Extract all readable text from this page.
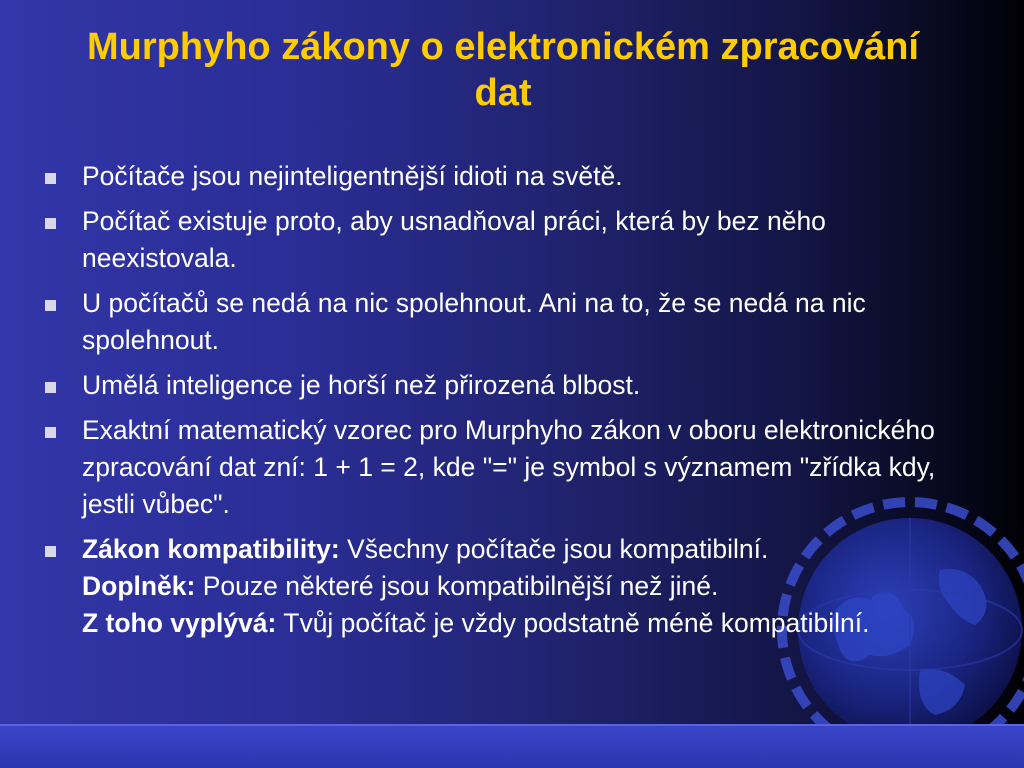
Murphyho zákony o elektronickém zpracování dat
Počítače jsou nejinteligentnější idioti na světě.
Počítač existuje proto, aby usnadňoval práci, která by bez něho neexistovala.
U počítačů se nedá na nic spolehnout. Ani na to, že se nedá na nic spolehnout.
Umělá inteligence je horší než přirozená blbost.
Exaktní matematický vzorec pro Murphyho zákon v oboru elektronického zpracování dat zní: 1 + 1 = 2, kde "=" je symbol s významem "zřídka kdy, jestli vůbec".
Zákon kompatibility: Všechny počítače jsou kompatibilní.
Doplněk: Pouze některé jsou kompatibilnější než jiné.
Z toho vyplývá: Tvůj počítač je vždy podstatně méně kompatibilní.
